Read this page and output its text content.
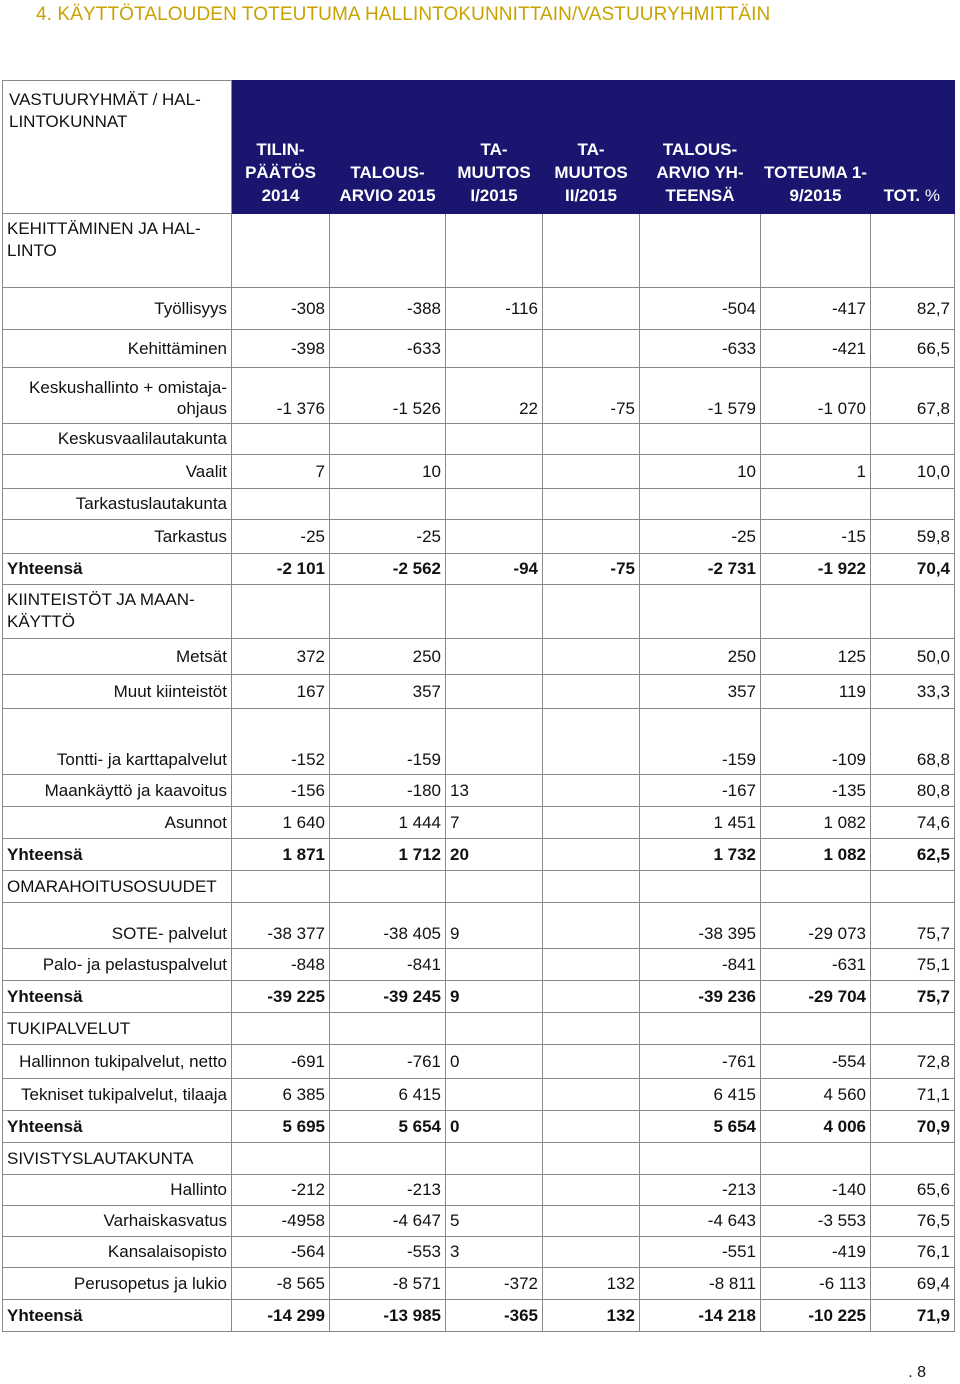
4. KÄYTTÖTALOUDEN TOTEUTUMA HALLINTOKUNNITTAIN/VASTUURYHMITTÄIN
VASTUURYHMÄT / HAL-LINTOKUNNAT	TILIN-PÄÄTÖS 2014	TALOUS-ARVIO 2015	TA-MUUTOS I/2015	TA-MUUTOS II/2015	TALOUS-ARVIO YH-TEENSÄ	TOTEUMA 1-9/2015	TOT. %
KEHITTÄMINEN JA HAL-LINTO							
Työllisyys	-308	-388	-116		-504	-417	82,7
Kehittäminen	-398	-633			-633	-421	66,5
Keskushallinto + omistaja-ohjaus	-1 376	-1 526	22	-75	-1 579	-1 070	67,8
Keskusvaalilautakunta							
Vaalit	7	10			10	1	10,0
Tarkastuslautakunta							
Tarkastus	-25	-25			-25	-15	59,8
Yhteensä	-2 101	-2 562	-94	-75	-2 731	-1 922	70,4
KIINTEISTÖT JA MAAN-KÄYTTÖ							
Metsät	372	250			250	125	50,0
Muut kiinteistöt	167	357			357	119	33,3
Tontti- ja karttapalvelut	-152	-159			-159	-109	68,8
Maankäyttö ja kaavoitus	-156	-180	13		-167	-135	80,8
Asunnot	1 640	1 444	7		1 451	1 082	74,6
Yhteensä	1 871	1 712	20		1 732	1 082	62,5
OMARAHOITUSOSUUDET							
SOTE- palvelut	-38 377	-38 405	9		-38 395	-29 073	75,7
Palo- ja pelastuspalvelut	-848	-841			-841	-631	75,1
Yhteensä	-39 225	-39 245	9		-39 236	-29 704	75,7
TUKIPALVELUT							
Hallinnon tukipalvelut, netto	-691	-761	0		-761	-554	72,8
Tekniset tukipalvelut, tilaaja	6 385	6 415			6 415	4 560	71,1
Yhteensä	5 695	5 654	0		5 654	4 006	70,9
SIVISTYSLAUTAKUNTA							
Hallinto	-212	-213			-213	-140	65,6
Varhaiskasvatus	-4958	-4 647	5		-4 643	-3 553	76,5
Kansalaisopisto	-564	-553	3		-551	-419	76,1
Perusopetus ja lukio	-8 565	-8 571	-372	132	-8 811	-6 113	69,4
Yhteensä	-14 299	-13 985	-365	132	-14 218	-10 225	71,9
. 8
